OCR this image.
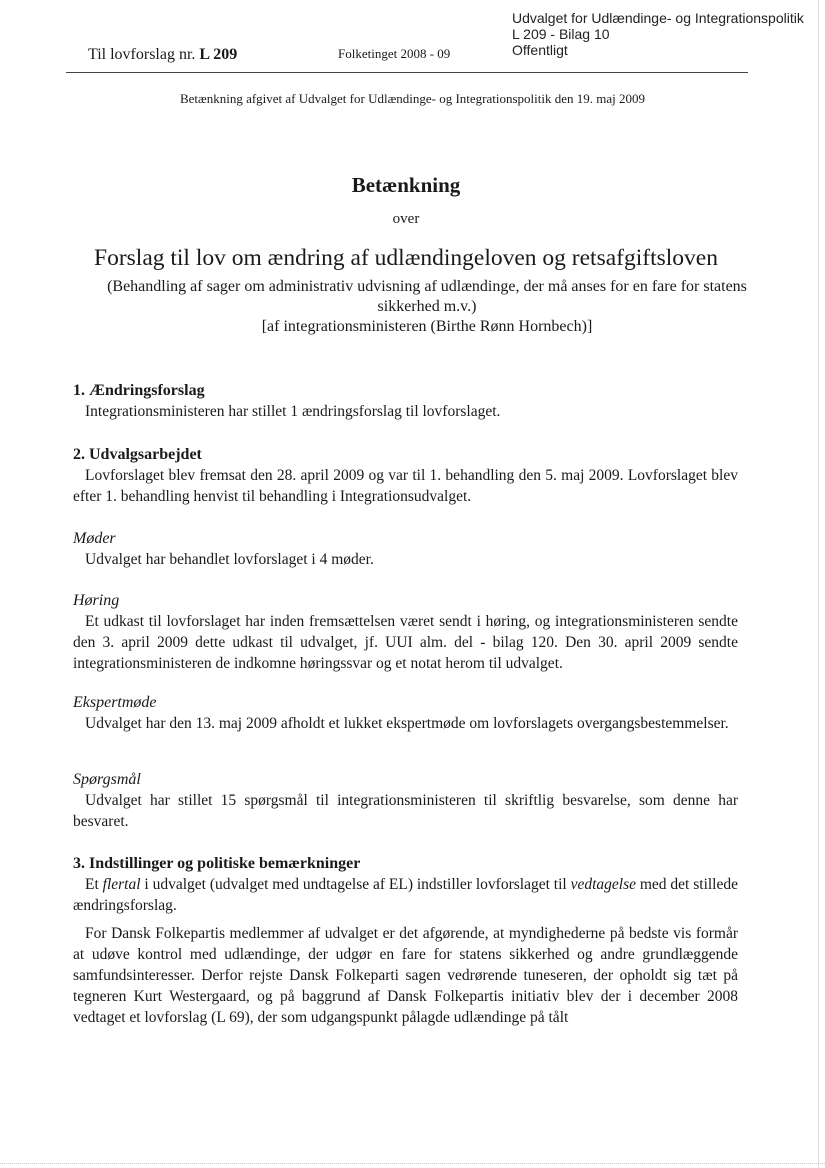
Udvalget for Udlændinge- og Integrationspolitik
L 209 - Bilag 10
Offentligt
Til lovforslag nr. L 209	Folketinget 2008 - 09
Betænkning afgivet af Udvalget for Udlændinge- og Integrationspolitik den 19. maj 2009
Betænkning
over
Forslag til lov om ændring af udlændingeloven og retsafgiftsloven
(Behandling af sager om administrativ udvisning af udlændinge, der må anses for en fare for statens
sikkerhed m.v.)
[af integrationsministeren (Birthe Rønn Hornbech)]
1. Ændringsforslag

Integrationsministeren har stillet 1 ændringsforslag til lovforslaget.

2. Udvalgsarbejdet

Lovforslaget blev fremsat den 28. april 2009 og var til 1. behandling den 5. maj 2009. Lovforslaget blev efter 1. behandling henvist til behandling i Integrationsudvalget.

Møder

Udvalget har behandlet lovforslaget i 4 møder.

Høring

Et udkast til lovforslaget har inden fremsættelsen været sendt i høring, og integrationsministeren sendte den 3. april 2009 dette udkast til udvalget, jf. UUI alm. del - bilag 120. Den 30. april 2009 sendte integrationsministeren de indkomne høringssvar og et notat herom til udvalget.

Ekspertmøde

Udvalget har den 13. maj 2009 afholdt et lukket ekspertmøde om lovforslagets overgangsbestemmelser.

Spørgsmål

Udvalget har stillet 15 spørgsmål til integrationsministeren til skriftlig besvarelse, som denne har besvaret.

3. Indstillinger og politiske bemærkninger

Et flertal i udvalget (udvalget med undtagelse af EL) indstiller lovforslaget til vedtagelse med det stillede ændringsforslag.

For Dansk Folkepartis medlemmer af udvalget er det afgørende, at myndighederne på bedste vis formår at udøve kontrol med udlændinge, der udgør en fare for statens sikkerhed og andre grundlæggende samfundsinteresser. Derfor rejste Dansk Folkeparti sagen vedrørende tuneseren, der opholdt sig tæt på tegneren Kurt Westergaard, og på baggrund af Dansk Folkepartis initiativ blev der i december 2008 vedtaget et lovforslag (L 69), der som udgangspunkt pålagde udlændinge på tålt
